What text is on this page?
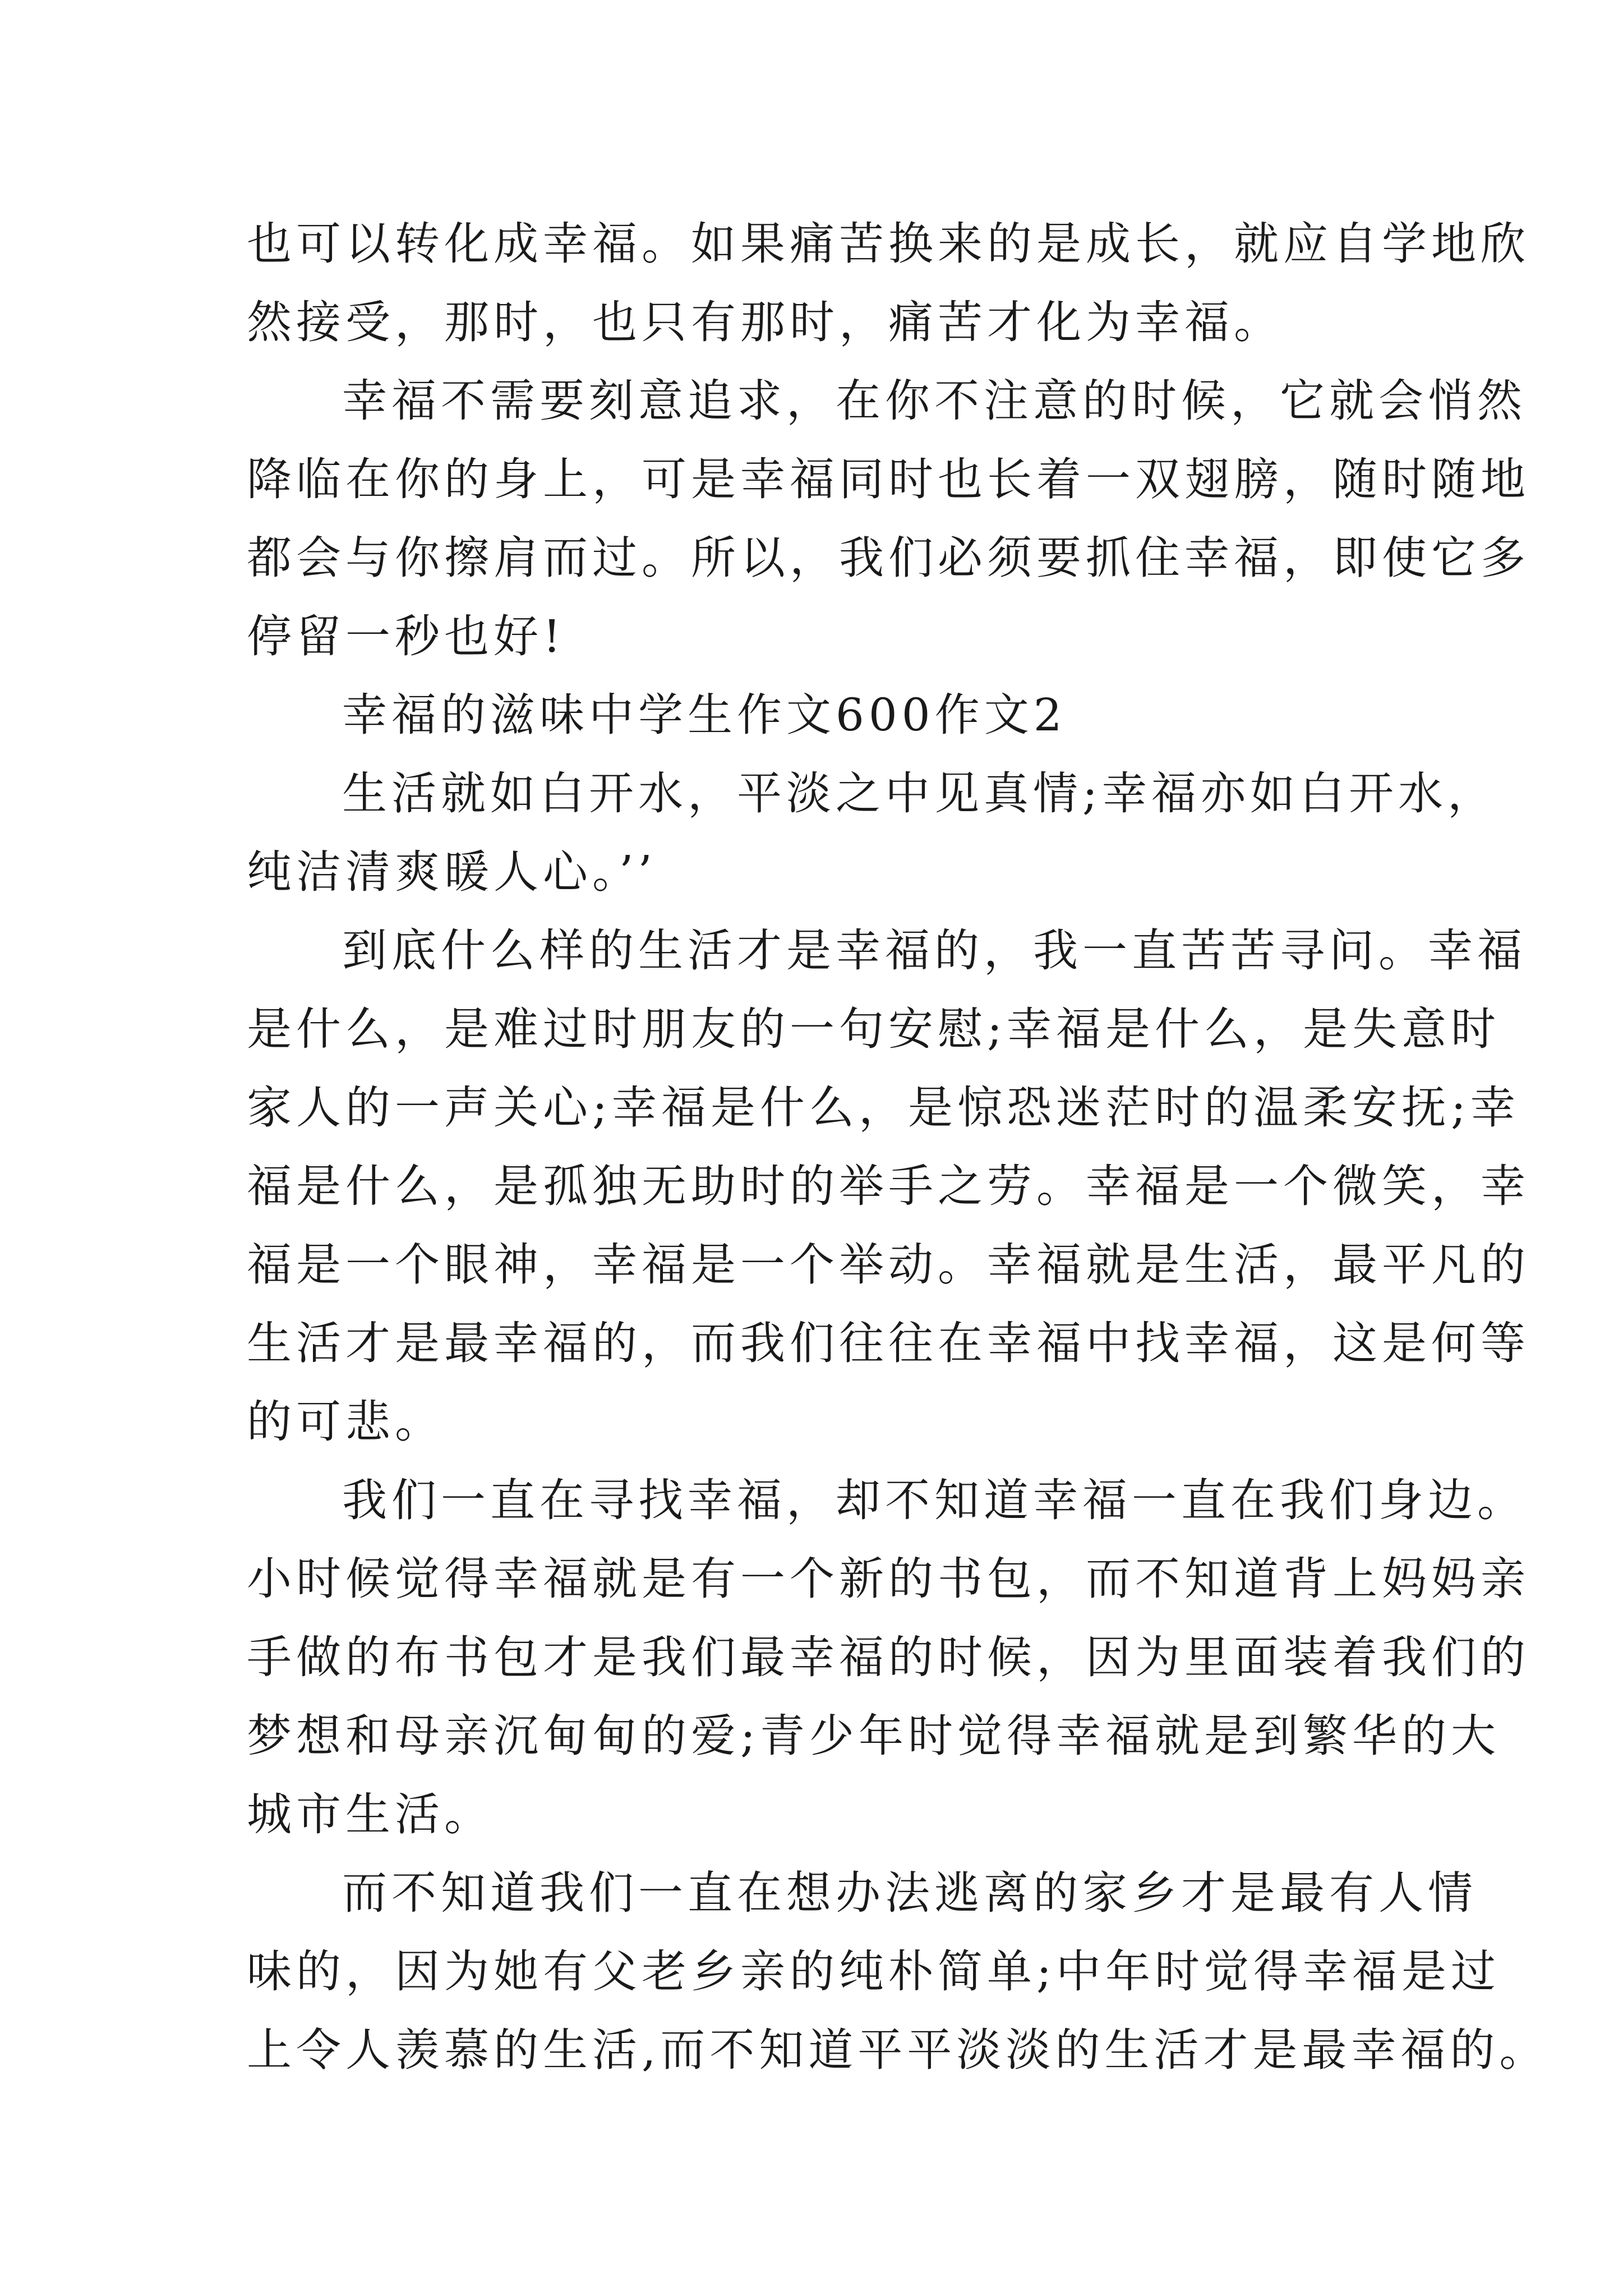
也可以转化成幸福。如果痛苦换来的是成长，就应自学地欣
然接受，那时，也只有那时，痛苦才化为幸福。
幸福不需要刻意追求，在你不注意的时候，它就会悄然
降临在你的身上，可是幸福同时也长着一双翅膀，随时随地
都会与你擦肩而过。所以，我们必须要抓住幸福，即使它多
停留一秒也好!
幸福的滋味中学生作文600作文2
生活就如白开水，平淡之中见真情;幸福亦如白开水，
纯洁清爽暖人心。’’
到底什么样的生活才是幸福的，我一直苦苦寻问。幸福
是什么，是难过时朋友的一句安慰;幸福是什么，是失意时
家人的一声关心;幸福是什么，是惊恐迷茫时的温柔安抚;幸
福是什么，是孤独无助时的举手之劳。幸福是一个微笑，幸
福是一个眼神，幸福是一个举动。幸福就是生活，最平凡的
生活才是最幸福的，而我们往往在幸福中找幸福，这是何等
的可悲。
我们一直在寻找幸福，却不知道幸福一直在我们身边。
小时候觉得幸福就是有一个新的书包，而不知道背上妈妈亲
手做的布书包才是我们最幸福的时候，因为里面装着我们的
梦想和母亲沉甸甸的爱;青少年时觉得幸福就是到繁华的大
城市生活。
而不知道我们一直在想办法逃离的家乡才是最有人情
味的，因为她有父老乡亲的纯朴简单;中年时觉得幸福是过
上令人羡慕的生活,而不知道平平淡淡的生活才是最幸福的。
